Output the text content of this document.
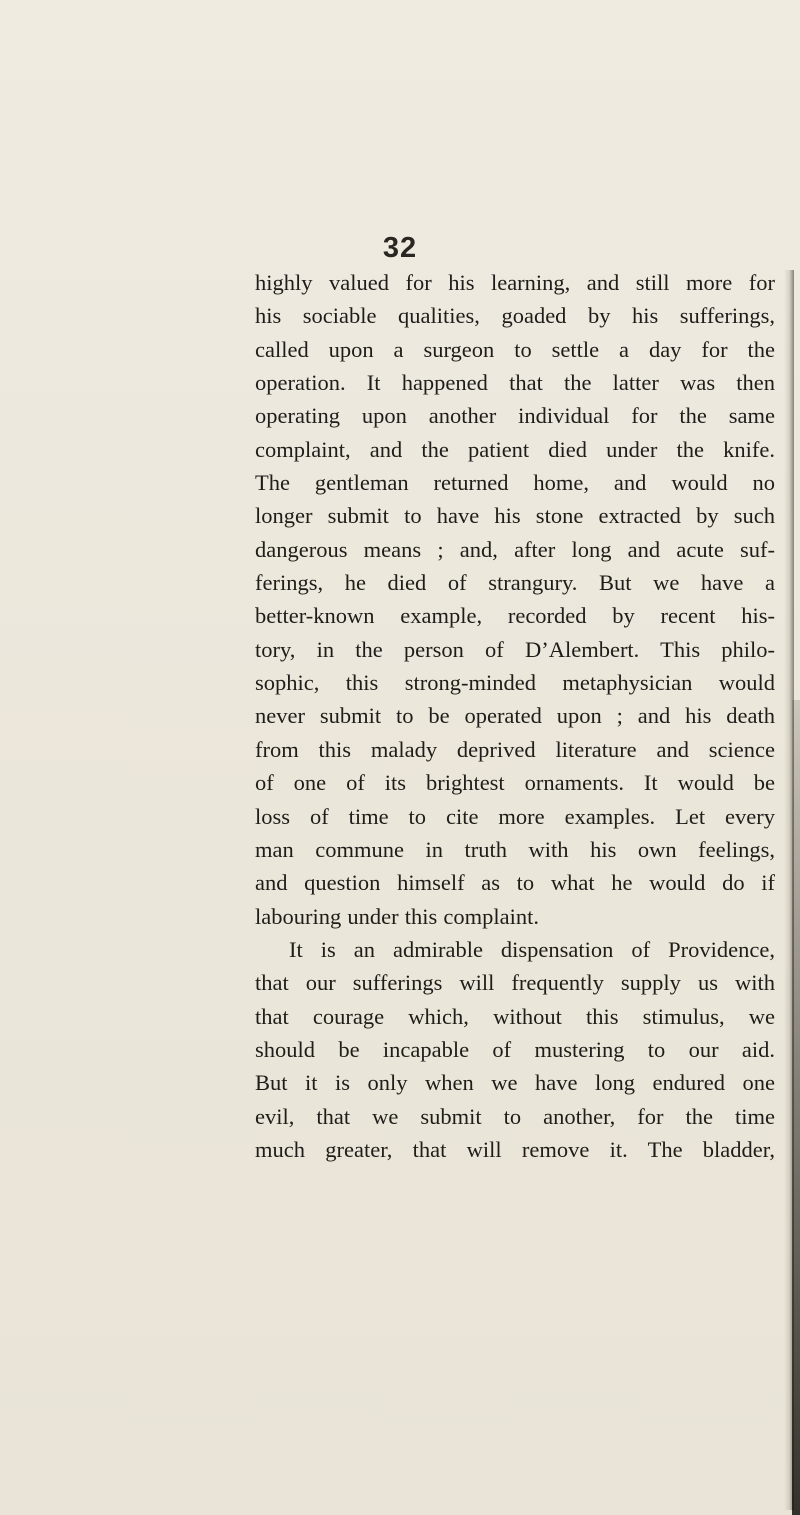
32
highly valued for his learning, and still more for
his sociable qualities, goaded by his sufferings,
called upon a surgeon to settle a day for the
operation. It happened that the latter was then
operating upon another individual for the same
complaint, and the patient died under the knife.
The gentleman returned home, and would no
longer submit to have his stone extracted by such
dangerous means ; and, after long and acute suf-
ferings, he died of strangury. But we have a
better-known example, recorded by recent his-
tory, in the person of D’Alembert. This philo-
sophic, this strong-minded metaphysician would
never submit to be operated upon ; and his death
from this malady deprived literature and science
of one of its brightest ornaments. It would be
loss of time to cite more examples. Let every
man commune in truth with his own feelings,
and question himself as to what he would do if
labouring under this complaint.
It is an admirable dispensation of Providence,
that our sufferings will frequently supply us with
that courage which, without this stimulus, we
should be incapable of mustering to our aid.
But it is only when we have long endured one
evil, that we submit to another, for the time
much greater, that will remove it. The bladder,
